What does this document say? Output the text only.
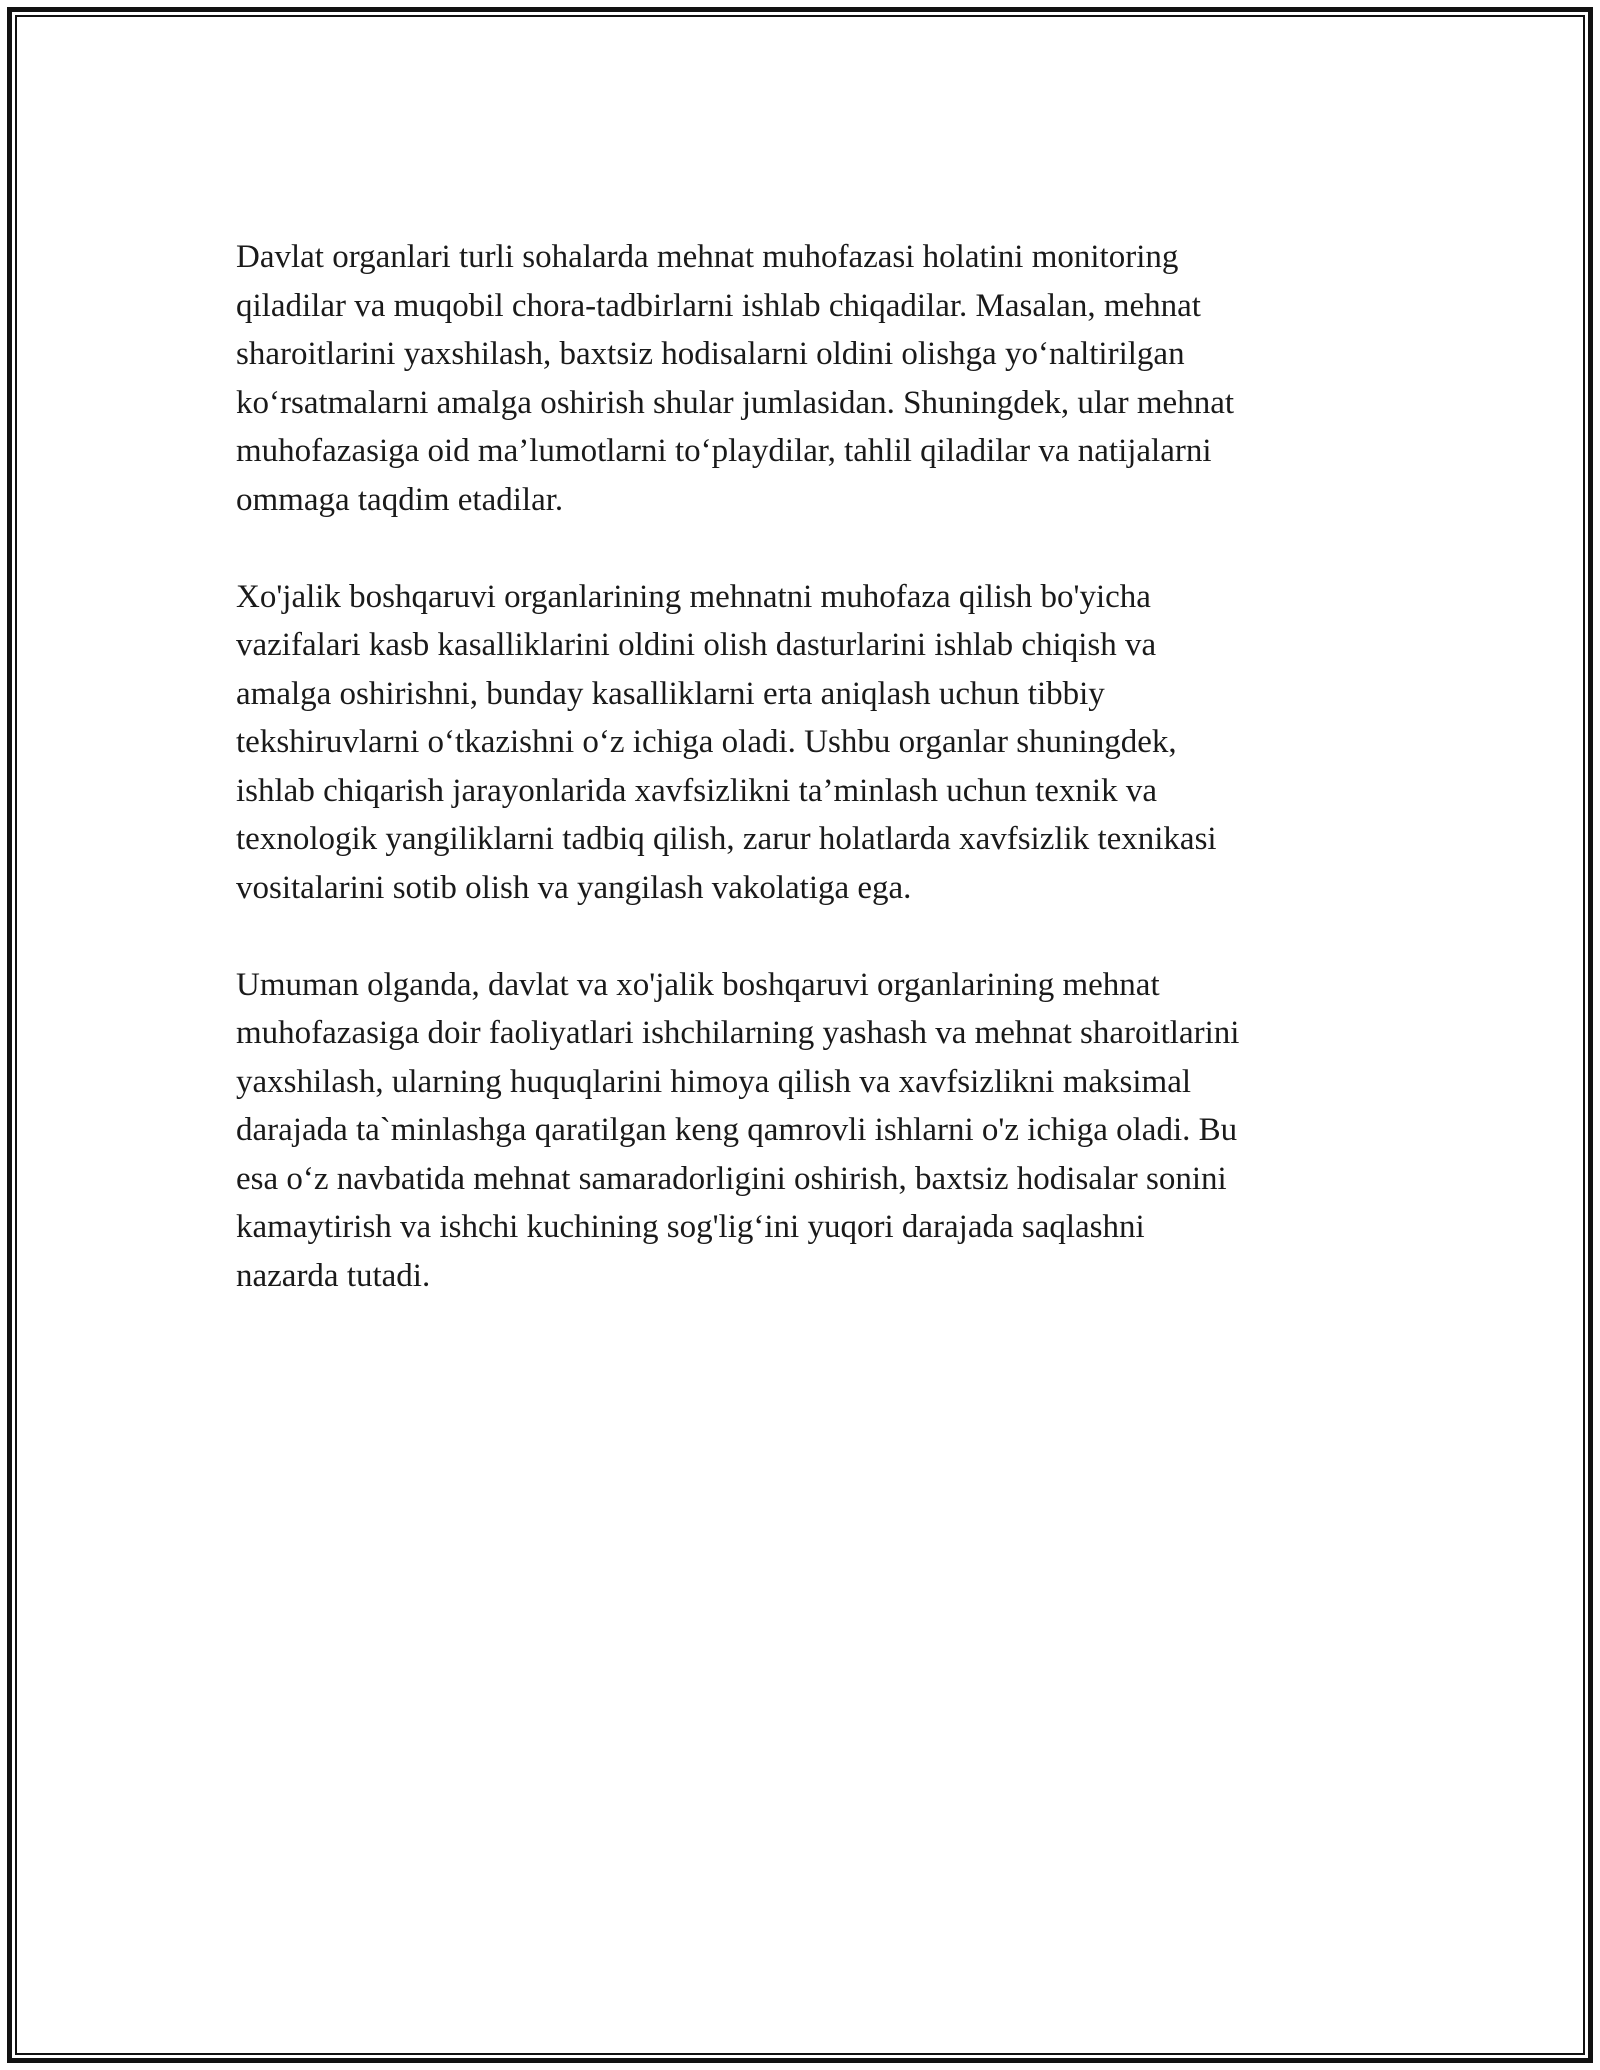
Davlat organlari turli sohalarda mehnat muhofazasi holatini monitoring
qiladilar va muqobil chora-tadbirlarni ishlab chiqadilar. Masalan, mehnat
sharoitlarini yaxshilash, baxtsiz hodisalarni oldini olishga yo‘naltirilgan
ko‘rsatmalarni amalga oshirish shular jumlasidan. Shuningdek, ular mehnat
muhofazasiga oid ma’lumotlarni to‘playdilar, tahlil qiladilar va natijalarni
ommaga taqdim etadilar.

Xo'jalik boshqaruvi organlarining mehnatni muhofaza qilish bo'yicha
vazifalari kasb kasalliklarini oldini olish dasturlarini ishlab chiqish va
amalga oshirishni, bunday kasalliklarni erta aniqlash uchun tibbiy
tekshiruvlarni o‘tkazishni o‘z ichiga oladi. Ushbu organlar shuningdek,
ishlab chiqarish jarayonlarida xavfsizlikni ta’minlash uchun texnik va
texnologik yangiliklarni tadbiq qilish, zarur holatlarda xavfsizlik texnikasi
vositalarini sotib olish va yangilash vakolatiga ega.

Umuman olganda, davlat va xo'jalik boshqaruvi organlarining mehnat
muhofazasiga doir faoliyatlari ishchilarning yashash va mehnat sharoitlarini
yaxshilash, ularning huquqlarini himoya qilish va xavfsizlikni maksimal
darajada ta`minlashga qaratilgan keng qamrovli ishlarni o'z ichiga oladi. Bu
esa o‘z navbatida mehnat samaradorligini oshirish, baxtsiz hodisalar sonini
kamaytirish va ishchi kuchining sog'lig‘ini yuqori darajada saqlashni
nazarda tutadi.
